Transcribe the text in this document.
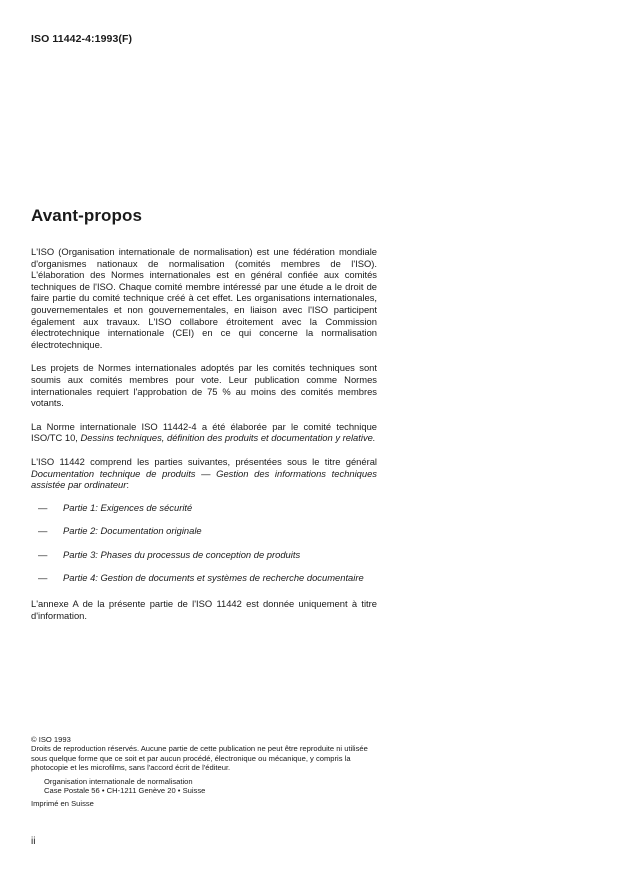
ISO 11442-4:1993(F)
Avant-propos

L'ISO (Organisation internationale de normalisation) est une fédération mondiale d'organismes nationaux de normalisation (comités membres de l'ISO). L'élaboration des Normes internationales est en général confiée aux comités techniques de l'ISO. Chaque comité membre intéressé par une étude a le droit de faire partie du comité technique créé à cet effet. Les organisations internationales, gouvernementales et non gouvernementales, en liaison avec l'ISO participent également aux travaux. L'ISO collabore étroitement avec la Commission électrotechnique internationale (CEI) en ce qui concerne la normalisation électrotechnique.

Les projets de Normes internationales adoptés par les comités techniques sont soumis aux comités membres pour vote. Leur publication comme Normes internationales requiert l'approbation de 75 % au moins des comités membres votants.

La Norme internationale ISO 11442-4 a été élaborée par le comité technique ISO/TC 10, Dessins techniques, définition des produits et documentation y relative.

L'ISO 11442 comprend les parties suivantes, présentées sous le titre général Documentation technique de produits — Gestion des informations techniques assistée par ordinateur:

—	Partie 1: Exigences de sécurité
—	Partie 2: Documentation originale
—	Partie 3: Phases du processus de conception de produits
—	Partie 4: Gestion de documents et systèmes de recherche documentaire

L'annexe A de la présente partie de l'ISO 11442 est donnée uniquement à titre d'information.

© ISO 1993
Droits de reproduction réservés. Aucune partie de cette publication ne peut être reproduite ni utilisée sous quelque forme que ce soit et par aucun procédé, électronique ou mécanique, y compris la photocopie et les microfilms, sans l'accord écrit de l'éditeur.
Organisation internationale de normalisation
Case Postale 56 • CH-1211 Genève 20 • Suisse
Imprimé en Suisse
ii
